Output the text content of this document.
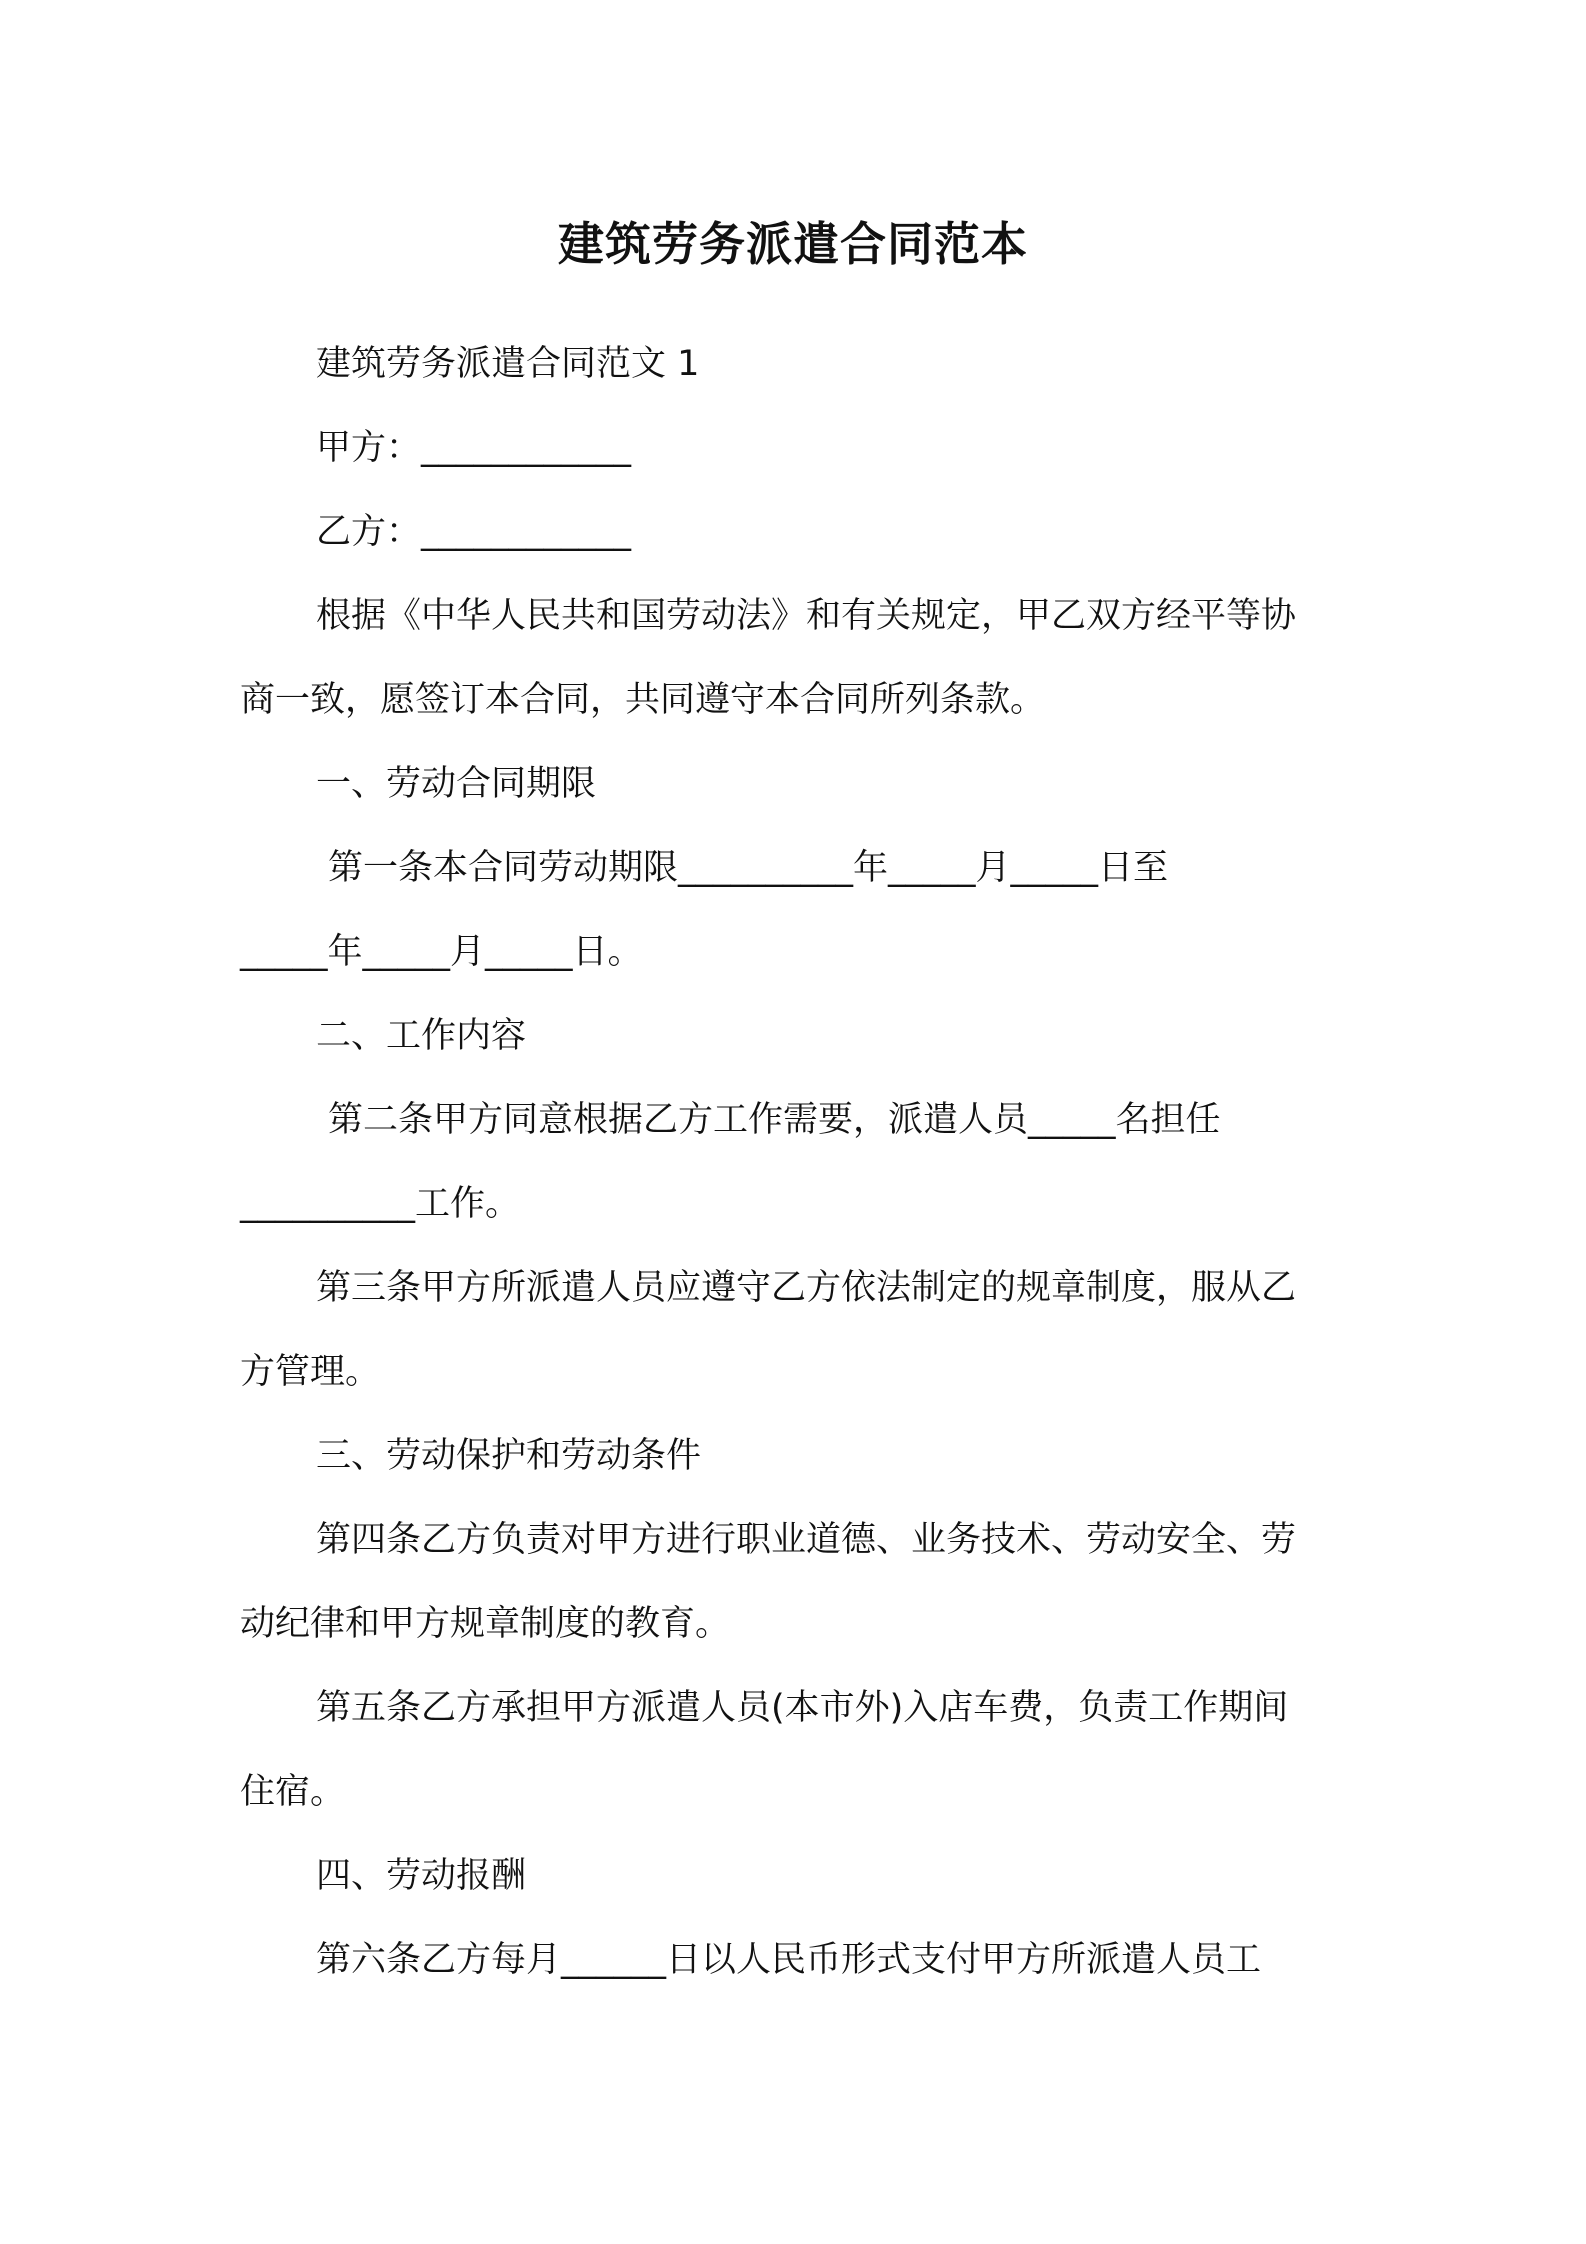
建筑劳务派遣合同范本

建筑劳务派遣合同范文 1

甲方：____________

乙方：____________

根据《中华人民共和国劳动法》和有关规定，甲乙双方经平等协

商一致，愿签订本合同，共同遵守本合同所列条款。

一、劳动合同期限

第一条本合同劳动期限__________年_____月_____日至

_____年_____月_____日。

二、工作内容

第二条甲方同意根据乙方工作需要，派遣人员_____名担任

__________工作。

第三条甲方所派遣人员应遵守乙方依法制定的规章制度，服从乙

方管理。

三、劳动保护和劳动条件

第四条乙方负责对甲方进行职业道德、业务技术、劳动安全、劳

动纪律和甲方规章制度的教育。

第五条乙方承担甲方派遣人员(本市外)入店车费，负责工作期间

住宿。

四、劳动报酬

第六条乙方每月______日以人民币形式支付甲方所派遣人员工
